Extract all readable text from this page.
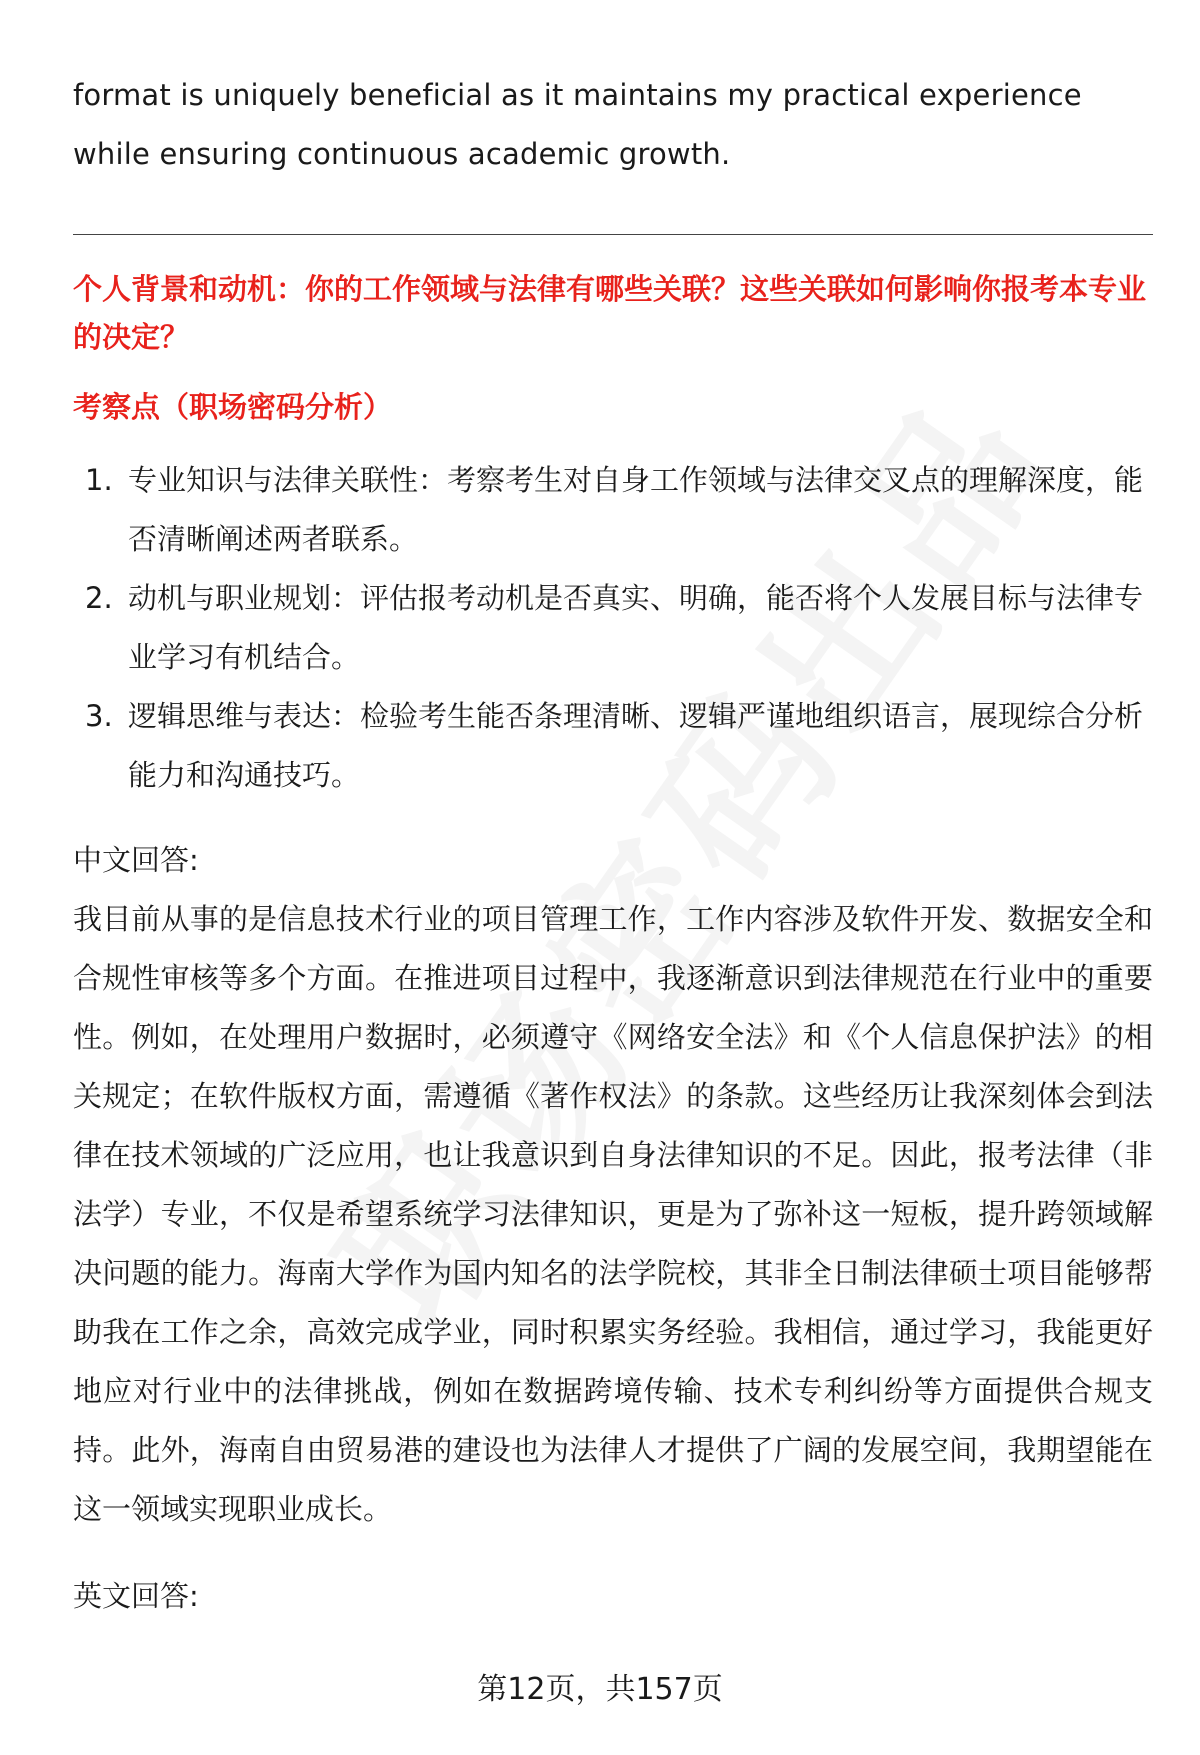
format is uniquely beneficial as it maintains my practical experience while ensuring continuous academic growth.

个人背景和动机：你的工作领域与法律有哪些关联？这些关联如何影响你报考本专业的决定？

考察点（职场密码分析）

1. 专业知识与法律关联性：考察考生对自身工作领域与法律交叉点的理解深度，能否清晰阐述两者联系。
2. 动机与职业规划：评估报考动机是否真实、明确，能否将个人发展目标与法律专业学习有机结合。
3. 逻辑思维与表达：检验考生能否条理清晰、逻辑严谨地组织语言，展现综合分析能力和沟通技巧。

中文回答:

我目前从事的是信息技术行业的项目管理工作，工作内容涉及软件开发、数据安全和合规性审核等多个方面。在推进项目过程中，我逐渐意识到法律规范在行业中的重要性。例如，在处理用户数据时，必须遵守《网络安全法》和《个人信息保护法》的相关规定；在软件版权方面，需遵循《著作权法》的条款。这些经历让我深刻体会到法律在技术领域的广泛应用，也让我意识到自身法律知识的不足。因此，报考法律（非法学）专业，不仅是希望系统学习法律知识，更是为了弥补这一短板，提升跨领域解决问题的能力。海南大学作为国内知名的法学院校，其非全日制法律硕士项目能够帮助我在工作之余，高效完成学业，同时积累实务经验。我相信，通过学习，我能更好地应对行业中的法律挑战，例如在数据跨境传输、技术专利纠纷等方面提供合规支持。此外，海南自由贸易港的建设也为法律人才提供了广阔的发展空间，我期望能在这一领域实现职业成长。

英文回答:

第12页，共157页
